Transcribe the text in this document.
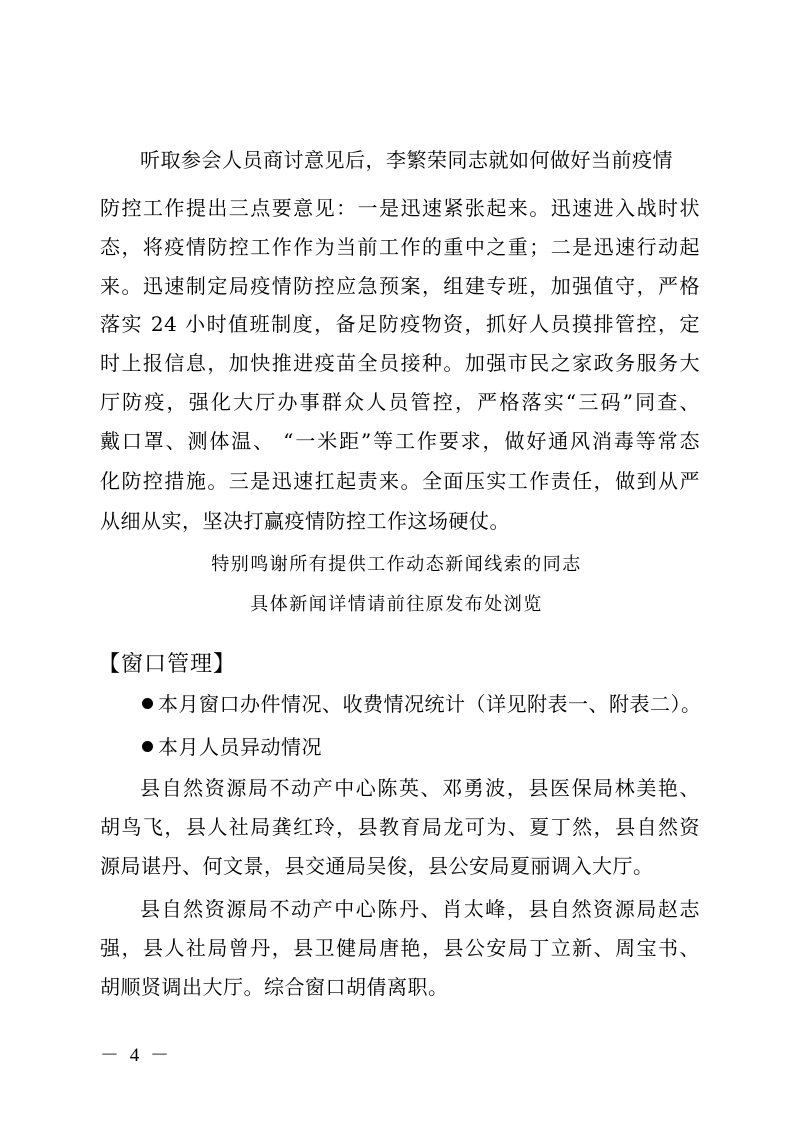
听取参会人员商讨意见后，李繁荣同志就如何做好当前疫情
防控工作提出三点要意见：一是迅速紧张起来。迅速进入战时状
态，将疫情防控工作作为当前工作的重中之重；二是迅速行动起
来。迅速制定局疫情防控应急预案，组建专班，加强值守，严格
落实 24 小时值班制度，备足防疫物资，抓好人员摸排管控，定
时上报信息，加快推进疫苗全员接种。加强市民之家政务服务大
厅防疫，强化大厅办事群众人员管控，严格落实“三码”同查、
戴口罩、测体温、 “一米距”等工作要求，做好通风消毒等常态
化防控措施。三是迅速扛起责来。全面压实工作责任，做到从严
从细从实，坚决打赢疫情防控工作这场硬仗。
特别鸣谢所有提供工作动态新闻线索的同志
具体新闻详情请前往原发布处浏览
【窗口管理】
本月窗口办件情况、收费情况统计（详见附表一、附表二）。
本月人员异动情况
县自然资源局不动产中心陈英、邓勇波，县医保局林美艳、
胡鸟飞，县人社局龚红玲，县教育局龙可为、夏丁然，县自然资
源局谌丹、何文景，县交通局吴俊，县公安局夏丽调入大厅。
县自然资源局不动产中心陈丹、肖太峰，县自然资源局赵志
强，县人社局曾丹，县卫健局唐艳，县公安局丁立新、周宝书、
胡顺贤调出大厅。综合窗口胡倩离职。
－ 4 －
